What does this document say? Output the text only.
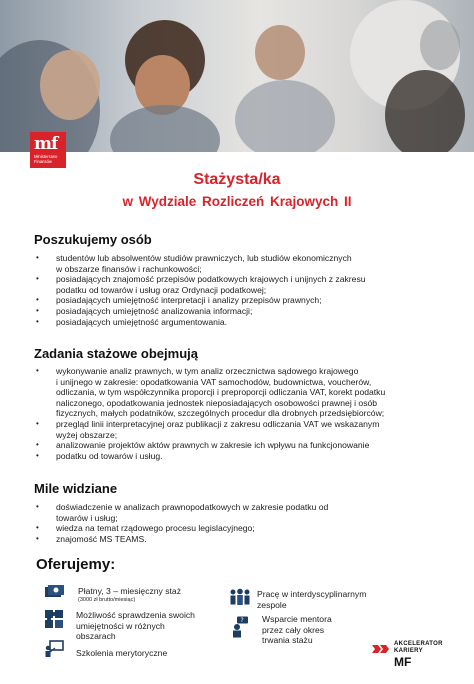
mf
Ministerstwo
Finansów
Stażysta/ka
w Wydziale Rozliczeń Krajowych II
Poszukujemy osób
• studentów lub absolwentów studiów prawniczych, lub studiów ekonomicznych
w obszarze finansów i rachunkowości;
• posiadających znajomość przepisów podatkowych krajowych i unijnych z zakresu
podatku od towarów i usług oraz Ordynacji podatkowej;
• posiadających umiejętność interpretacji i analizy przepisów prawnych;
• posiadających umiejętność analizowania informacji;
• posiadających umiejętność argumentowania.
Zadania stażowe obejmują
• wykonywanie analiz prawnych, w tym analiz orzecznictwa sądowego krajowego
i unijnego w zakresie: opodatkowania VAT samochodów, budownictwa, voucherów,
odliczania, w tym współczynnika proporcji i preproporcji odliczania VAT, korekt podatku
naliczonego, opodatkowania jednostek nieposiadających osobowości prawnej i osób
fizycznych, małych podatników, szczególnych procedur dla drobnych przedsiębiorców;
• przegląd linii interpretacyjnej oraz publikacji z zakresu odliczania VAT we wskazanym
wyżej obszarze;
• analizowanie projektów aktów prawnych w zakresie ich wpływu na funkcjonowanie
• podatku od towarów i usług.
Mile widziane
• doświadczenie w analizach prawnopodatkowych w zakresie podatku od
towarów i usług;
• wiedza na temat rządowego procesu legislacyjnego;
• znajomość MS TEAMS.
Oferujemy:
Płatny, 3 – miesięczny staż
(3000 zł brutto/miesiąc)
Możliwość sprawdzenia swoich
umiejętności w różnych
obszarach
Szkolenia merytoryczne
Pracę w interdyscyplinarnym
zespole
? Wsparcie mentora
przez cały okres
trwania stażu	AKCELERATOR
KARIERY
MF
